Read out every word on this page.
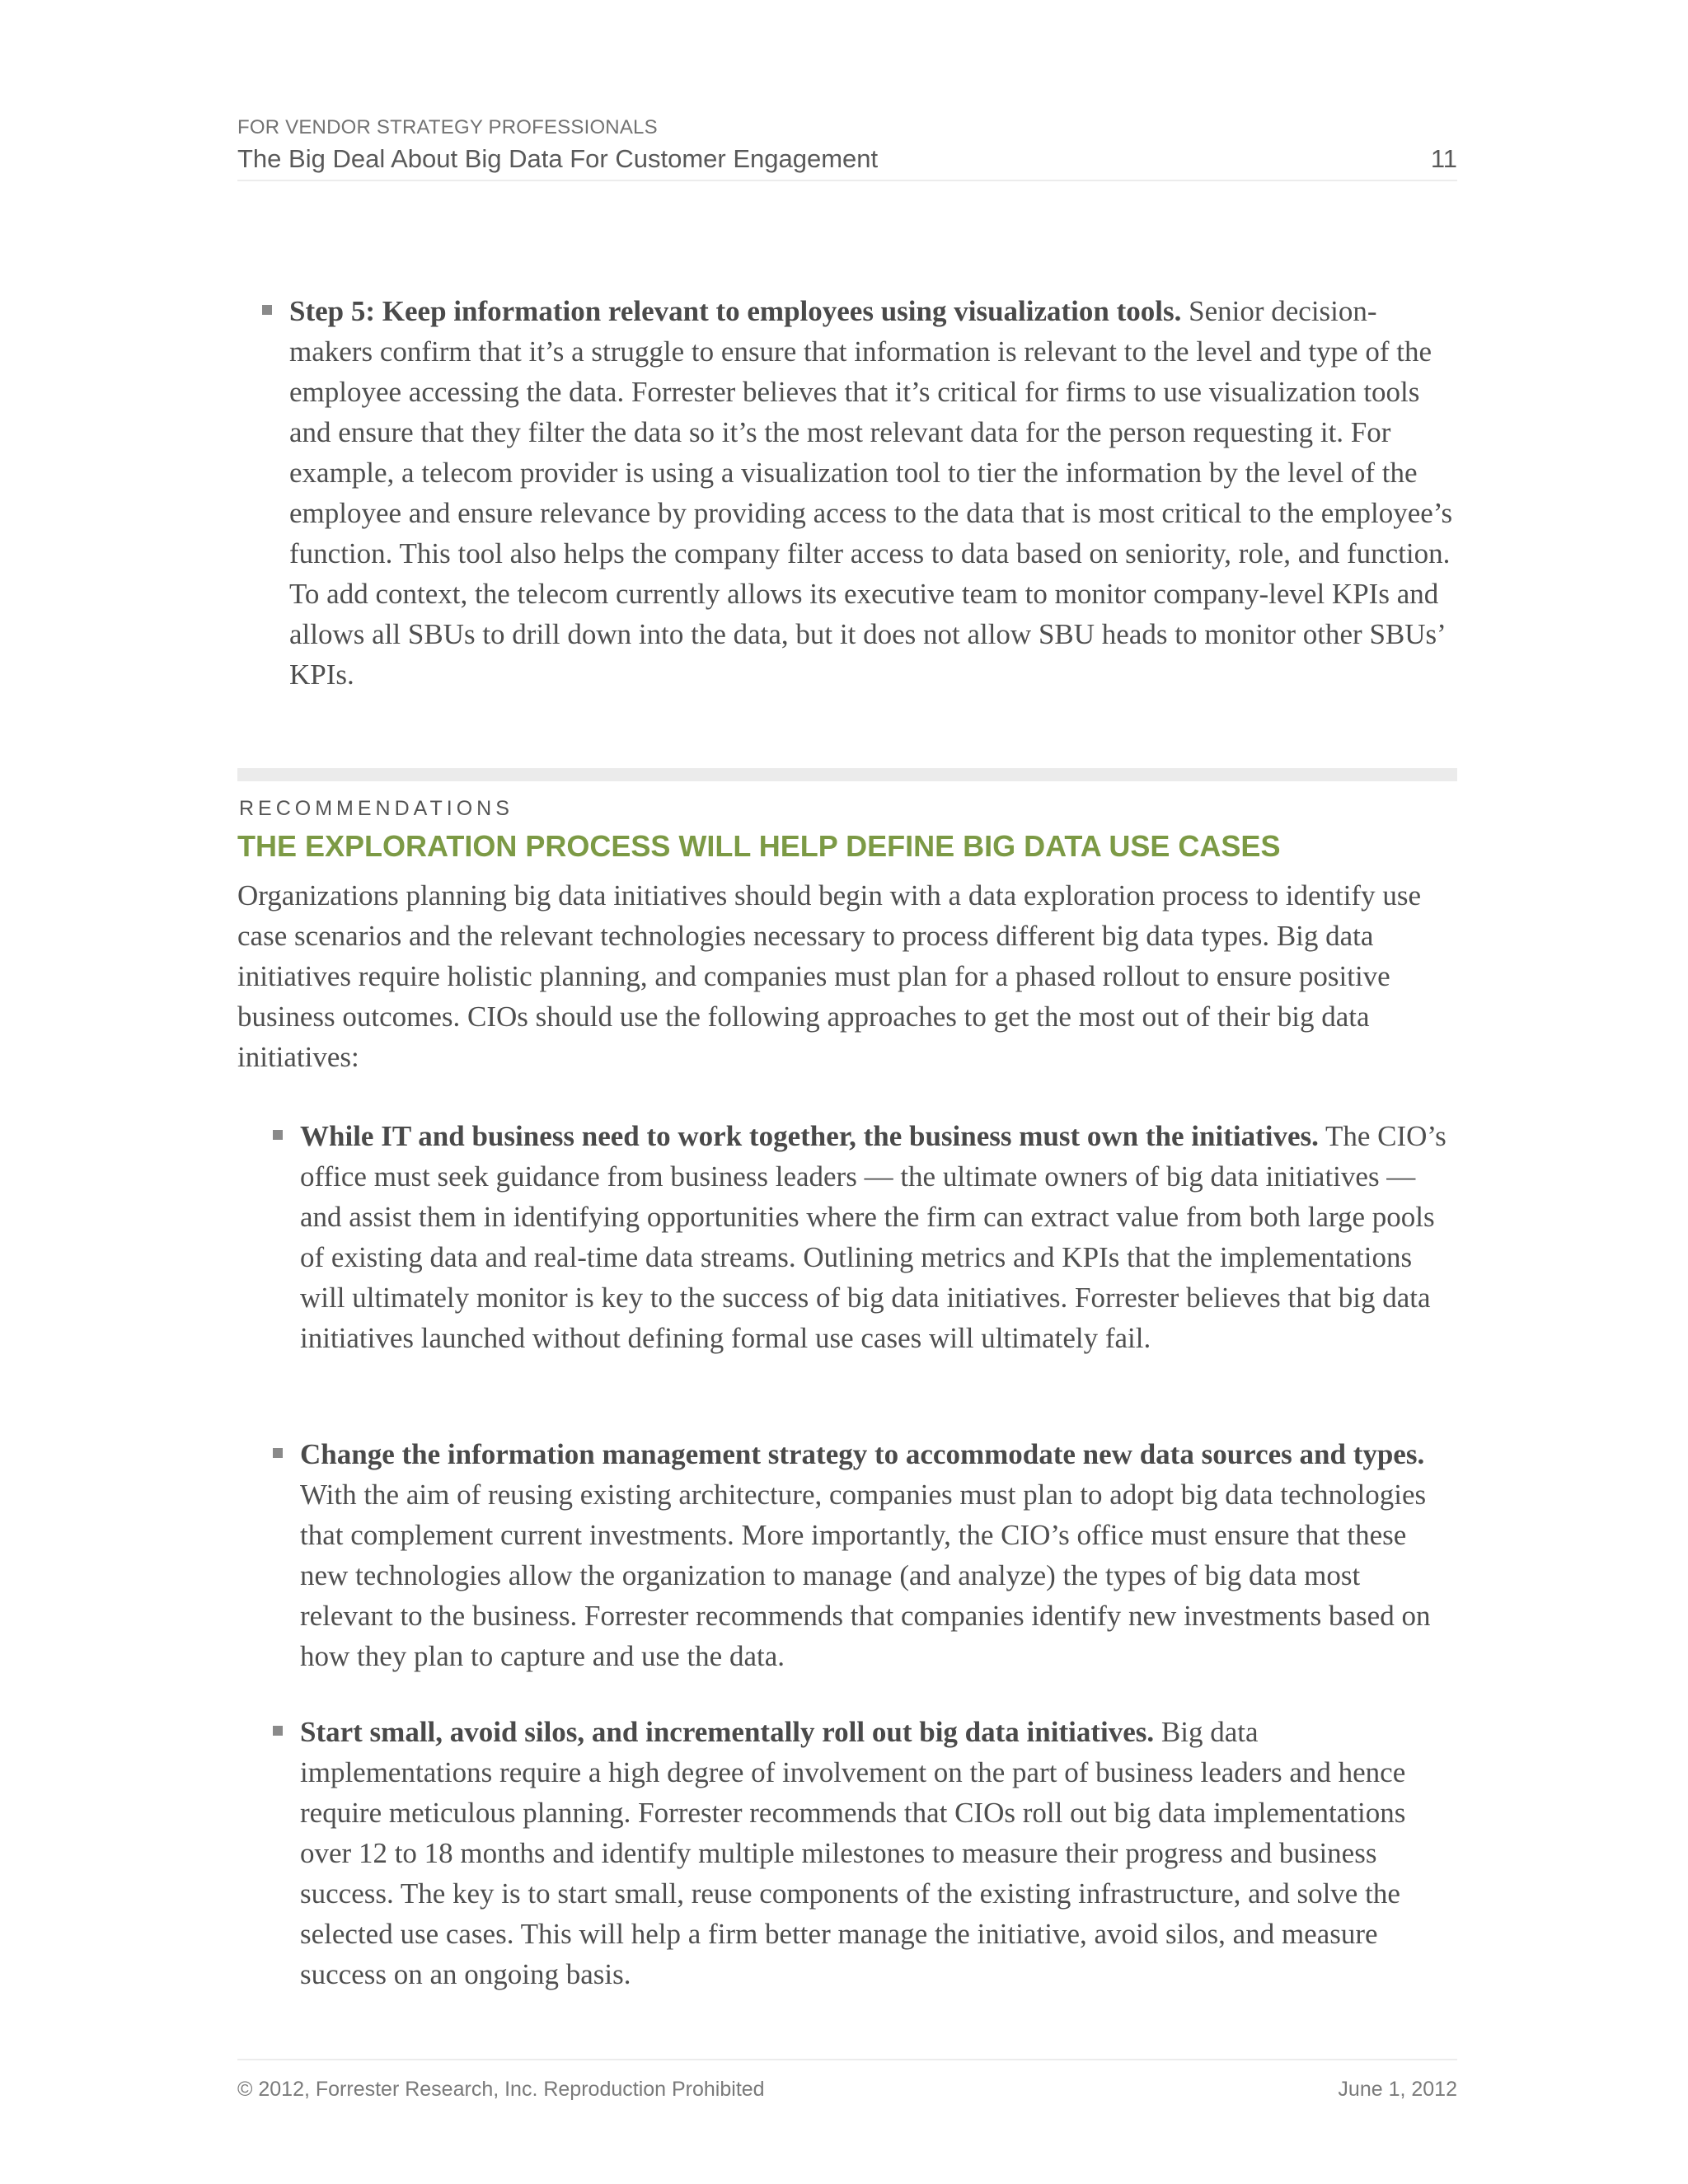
FOR VENDOR STRATEGY PROFESSIONALS
The Big Deal About Big Data For Customer Engagement	11
Step 5: Keep information relevant to employees using visualization tools. Senior decision-makers confirm that it’s a struggle to ensure that information is relevant to the level and type of the employee accessing the data. Forrester believes that it’s critical for firms to use visualization tools and ensure that they filter the data so it’s the most relevant data for the person requesting it. For example, a telecom provider is using a visualization tool to tier the information by the level of the employee and ensure relevance by providing access to the data that is most critical to the employee’s function. This tool also helps the company filter access to data based on seniority, role, and function. To add context, the telecom currently allows its executive team to monitor company-level KPIs and allows all SBUs to drill down into the data, but it does not allow SBU heads to monitor other SBUs’ KPIs.
RECOMMENDATIONS
THE EXPLORATION PROCESS WILL HELP DEFINE BIG DATA USE CASES
Organizations planning big data initiatives should begin with a data exploration process to identify use case scenarios and the relevant technologies necessary to process different big data types. Big data initiatives require holistic planning, and companies must plan for a phased rollout to ensure positive business outcomes. CIOs should use the following approaches to get the most out of their big data initiatives:
While IT and business need to work together, the business must own the initiatives. The CIO’s office must seek guidance from business leaders — the ultimate owners of big data initiatives — and assist them in identifying opportunities where the firm can extract value from both large pools of existing data and real-time data streams. Outlining metrics and KPIs that the implementations will ultimately monitor is key to the success of big data initiatives. Forrester believes that big data initiatives launched without defining formal use cases will ultimately fail.
Change the information management strategy to accommodate new data sources and types. With the aim of reusing existing architecture, companies must plan to adopt big data technologies that complement current investments. More importantly, the CIO’s office must ensure that these new technologies allow the organization to manage (and analyze) the types of big data most relevant to the business. Forrester recommends that companies identify new investments based on how they plan to capture and use the data.
Start small, avoid silos, and incrementally roll out big data initiatives. Big data implementations require a high degree of involvement on the part of business leaders and hence require meticulous planning. Forrester recommends that CIOs roll out big data implementations over 12 to 18 months and identify multiple milestones to measure their progress and business success. The key is to start small, reuse components of the existing infrastructure, and solve the selected use cases. This will help a firm better manage the initiative, avoid silos, and measure success on an ongoing basis.
© 2012, Forrester Research, Inc. Reproduction Prohibited	June 1, 2012
